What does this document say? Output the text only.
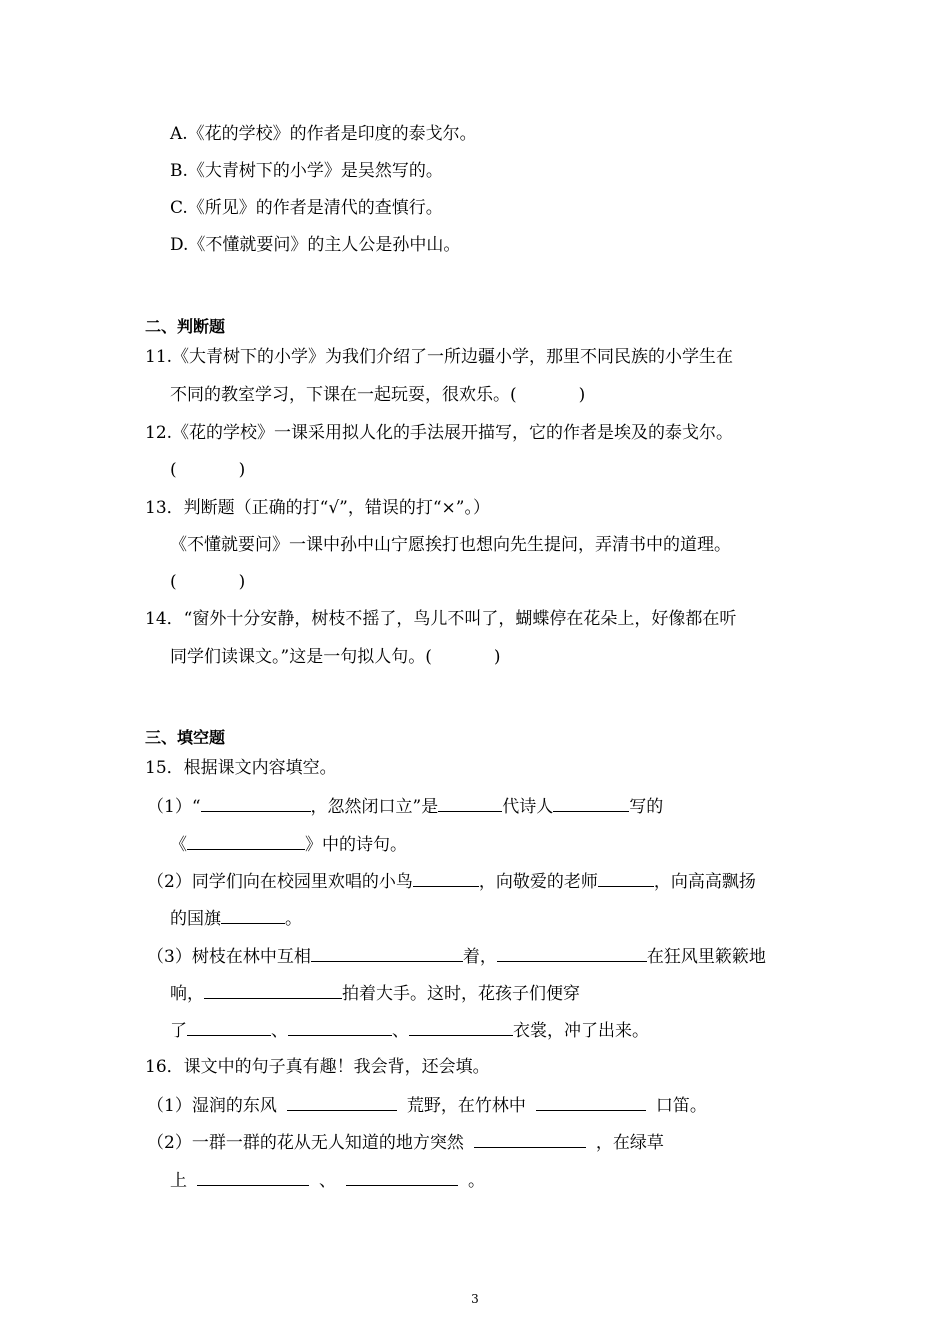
A.《花的学校》的作者是印度的泰戈尔。
B.《大青树下的小学》是吴然写的。
C.《所见》的作者是清代的查慎行。
D.《不懂就要问》的主人公是孙中山。
二、判断题
11.《大青树下的小学》为我们介绍了一所边疆小学，那里不同民族的小学生在
不同的教室学习，下课在一起玩耍，很欢乐。(	)
12.《花的学校》一课采用拟人化的手法展开描写，它的作者是埃及的泰戈尔。
(	)
13．判断题（正确的打“√”，错误的打“×”。）
《不懂就要问》一课中孙中山宁愿挨打也想向先生提问，弄清书中的道理。
(	)
14．“窗外十分安静，树枝不摇了，鸟儿不叫了，蝴蝶停在花朵上，好像都在听
同学们读课文。”这是一句拟人句。(	)
三、填空题
15．根据课文内容填空。
（1）“	，忽然闭口立”是	代诗人	写的
《	》中的诗句。
（2）同学们向在校园里欢唱的小鸟	，向敬爱的老师	，向高高飘扬
的国旗	。
（3）树枝在林中互相	着，	在狂风里簌簌地
响，	拍着大手。这时，花孩子们便穿
了	、	、	衣裳，冲了出来。
16．课文中的句子真有趣！我会背，还会填。
（1）湿润的东风	荒野，在竹林中	口笛。
（2）一群一群的花从无人知道的地方突然	，在绿草
上	、	。
3
